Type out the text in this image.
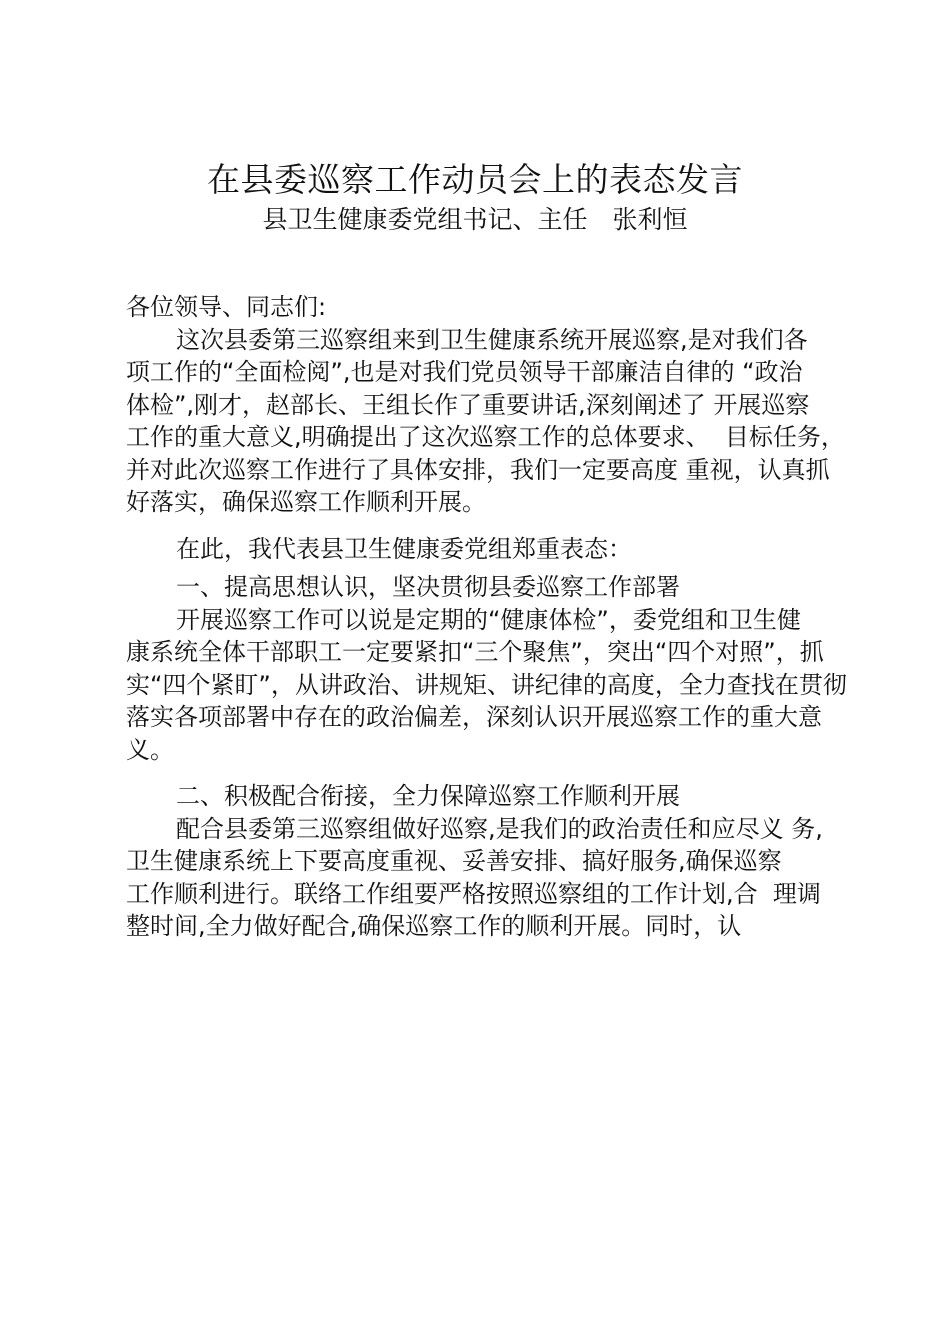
在县委巡察工作动员会上的表态发言
县卫生健康委党组书记、主任　张利恒
各位领导、同志们:
这次县委第三巡察组来到卫生健康系统开展巡察,是对我们各
项工作的“全面检阅”,也是对我们党员领导干部廉洁自律的 “政治
体检”,刚才，赵部长、王组长作了重要讲话,深刻阐述了 开展巡察
工作的重大意义,明确提出了这次巡察工作的总体要求、  目标任务，
并对此次巡察工作进行了具体安排，我们一定要高度 重视，认真抓
好落实，确保巡察工作顺利开展。
在此，我代表县卫生健康委党组郑重表态：
一、提高思想认识，坚决贯彻县委巡察工作部署
开展巡察工作可以说是定期的“健康体检”，委党组和卫生健
康系统全体干部职工一定要紧扣“三个聚焦”，突出“四个对照”，抓
实“四个紧盯”，从讲政治、讲规矩、讲纪律的高度，全力查找在贯彻
落实各项部署中存在的政治偏差，深刻认识开展巡察工作的重大意
义。
二、积极配合衔接，全力保障巡察工作顺利开展
配合县委第三巡察组做好巡察,是我们的政治责任和应尽义 务,
卫生健康系统上下要高度重视、妥善安排、搞好服务,确保巡察
工作顺利进行。联络工作组要严格按照巡察组的工作计划,合  理调
整时间,全力做好配合,确保巡察工作的顺利开展。同时，认
